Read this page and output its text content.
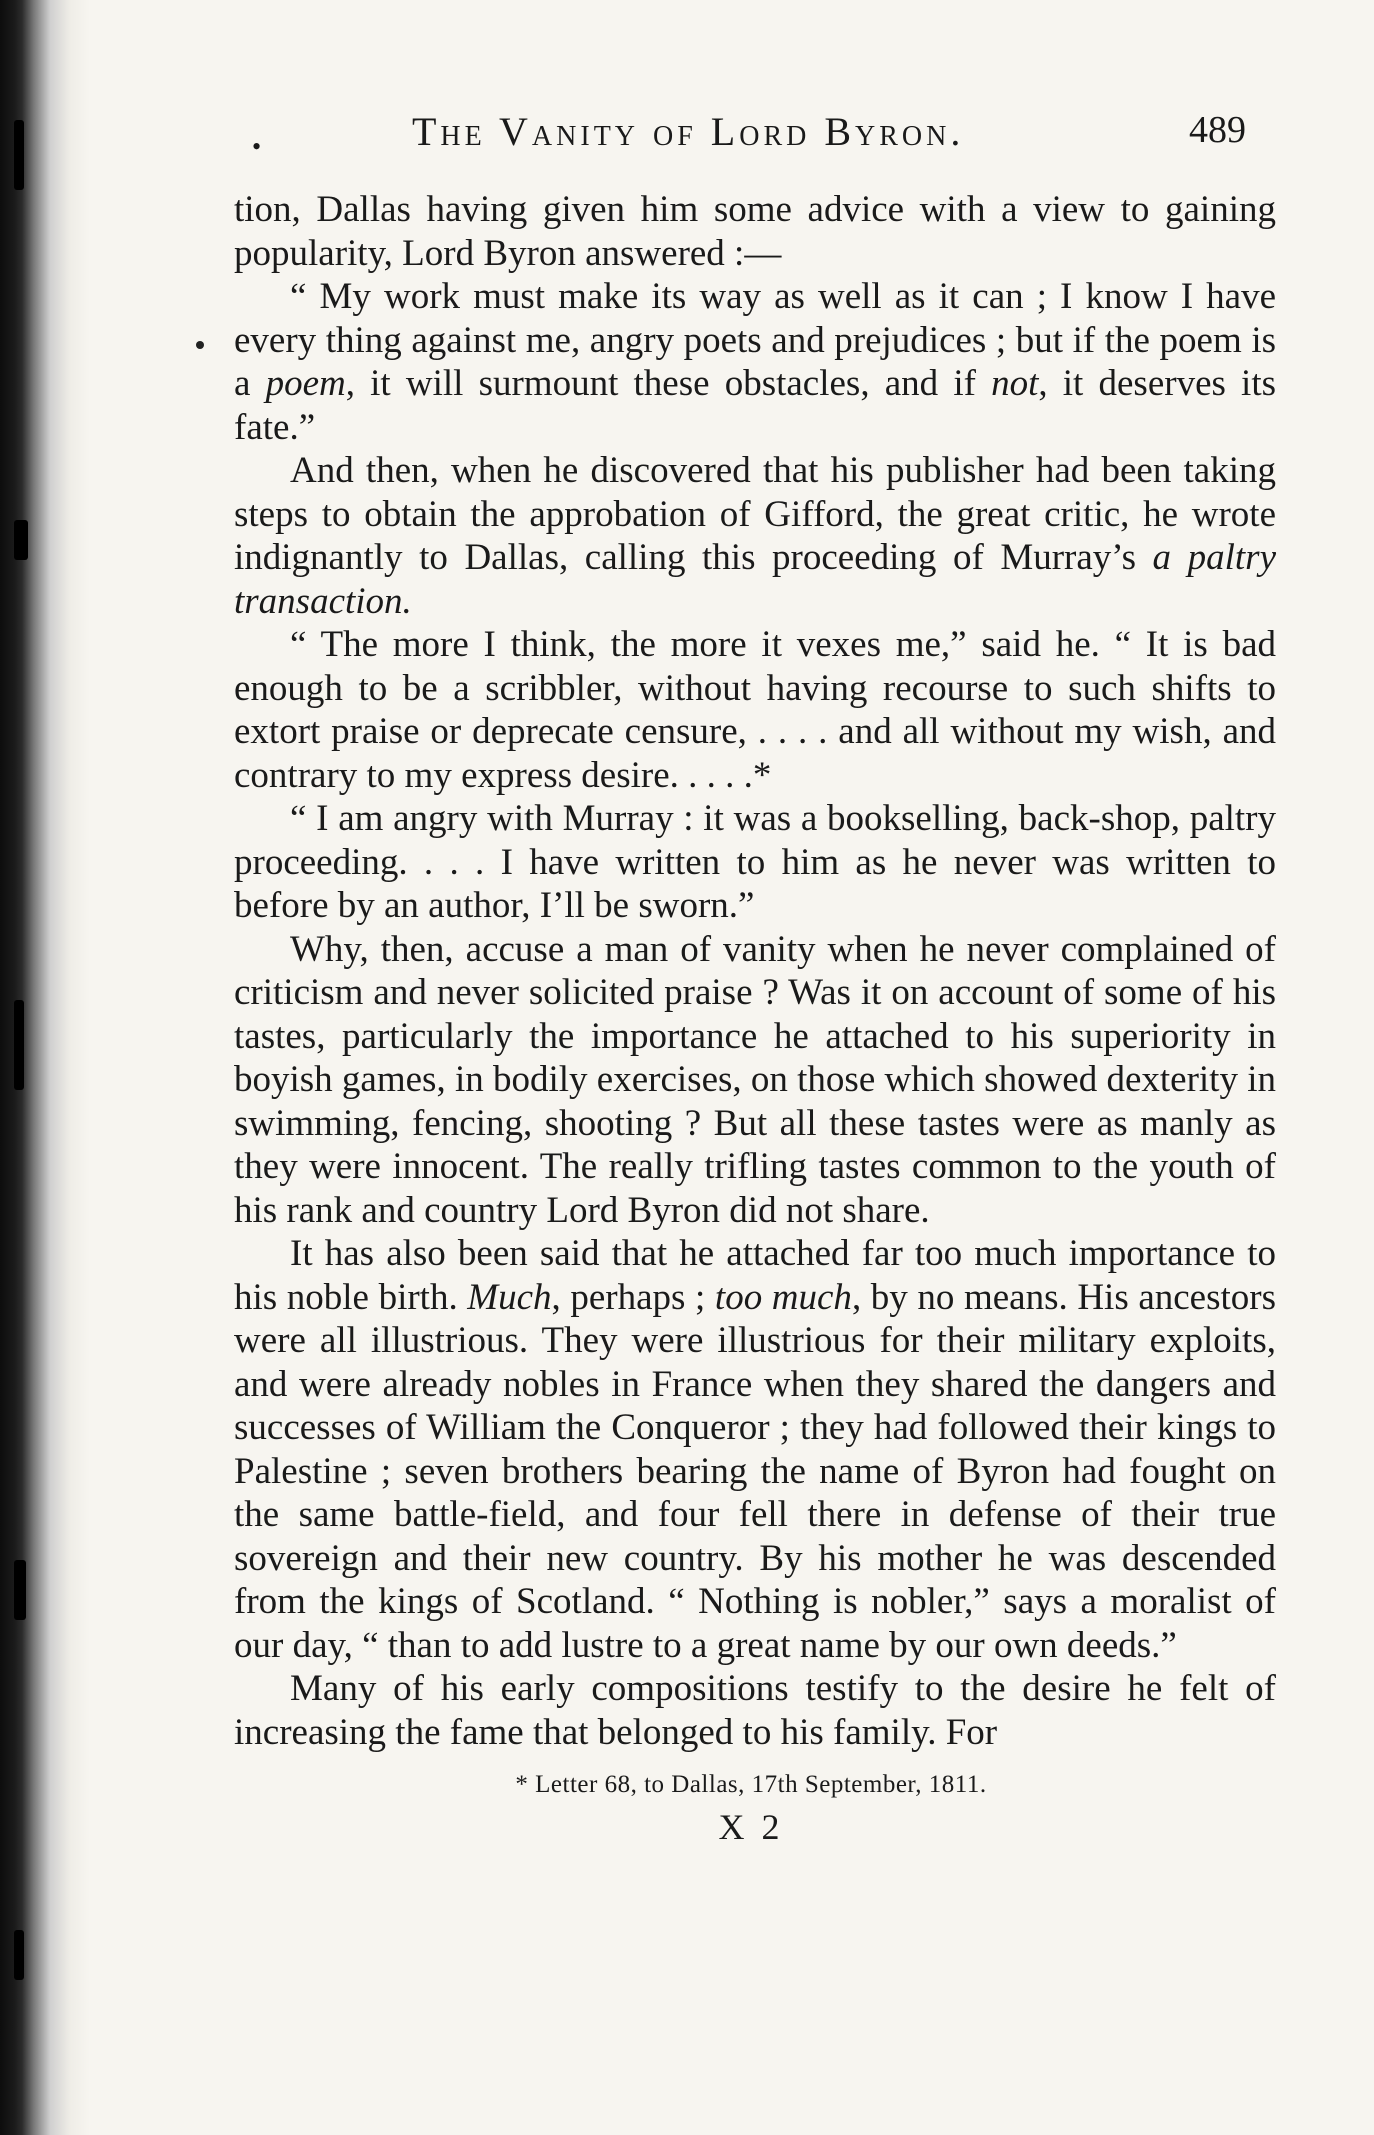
•	The Vanity of Lord Byron.	489

tion, Dallas having given him some advice with a view to gaining popularity, Lord Byron answered :—

“ My work must make its way as well as it can ; I know I have every thing against me, angry poets and prejudices ; but if the poem is a poem, it will surmount these obstacles, and if not, it deserves its fate.”

And then, when he discovered that his publisher had been taking steps to obtain the approbation of Gifford, the great critic, he wrote indignantly to Dallas, calling this proceeding of Murray’s a paltry transaction.

“ The more I think, the more it vexes me,” said he. “ It is bad enough to be a scribbler, without having recourse to such shifts to extort praise or deprecate censure, . . . . and all without my wish, and contrary to my express desire. . . . .*

“ I am angry with Murray : it was a bookselling, back-shop, paltry proceeding. . . . I have written to him as he never was written to before by an author, I’ll be sworn.”

Why, then, accuse a man of vanity when he never complained of criticism and never solicited praise ? Was it on account of some of his tastes, particularly the importance he attached to his superiority in boyish games, in bodily exercises, on those which showed dexterity in swimming, fencing, shooting ? But all these tastes were as manly as they were innocent. The really trifling tastes common to the youth of his rank and country Lord Byron did not share.

It has also been said that he attached far too much importance to his noble birth. Much, perhaps ; too much, by no means. His ancestors were all illustrious. They were illustrious for their military exploits, and were already nobles in France when they shared the dangers and successes of William the Conqueror ; they had followed their kings to Palestine ; seven brothers bearing the name of Byron had fought on the same battle-field, and four fell there in defense of their true sovereign and their new country. By his mother he was descended from the kings of Scotland. “ Nothing is nobler,” says a moralist of our day, “ than to add lustre to a great name by our own deeds.”

Many of his early compositions testify to the desire he felt of increasing the fame that belonged to his family. For

* Letter 68, to Dallas, 17th September, 1811.
X 2
